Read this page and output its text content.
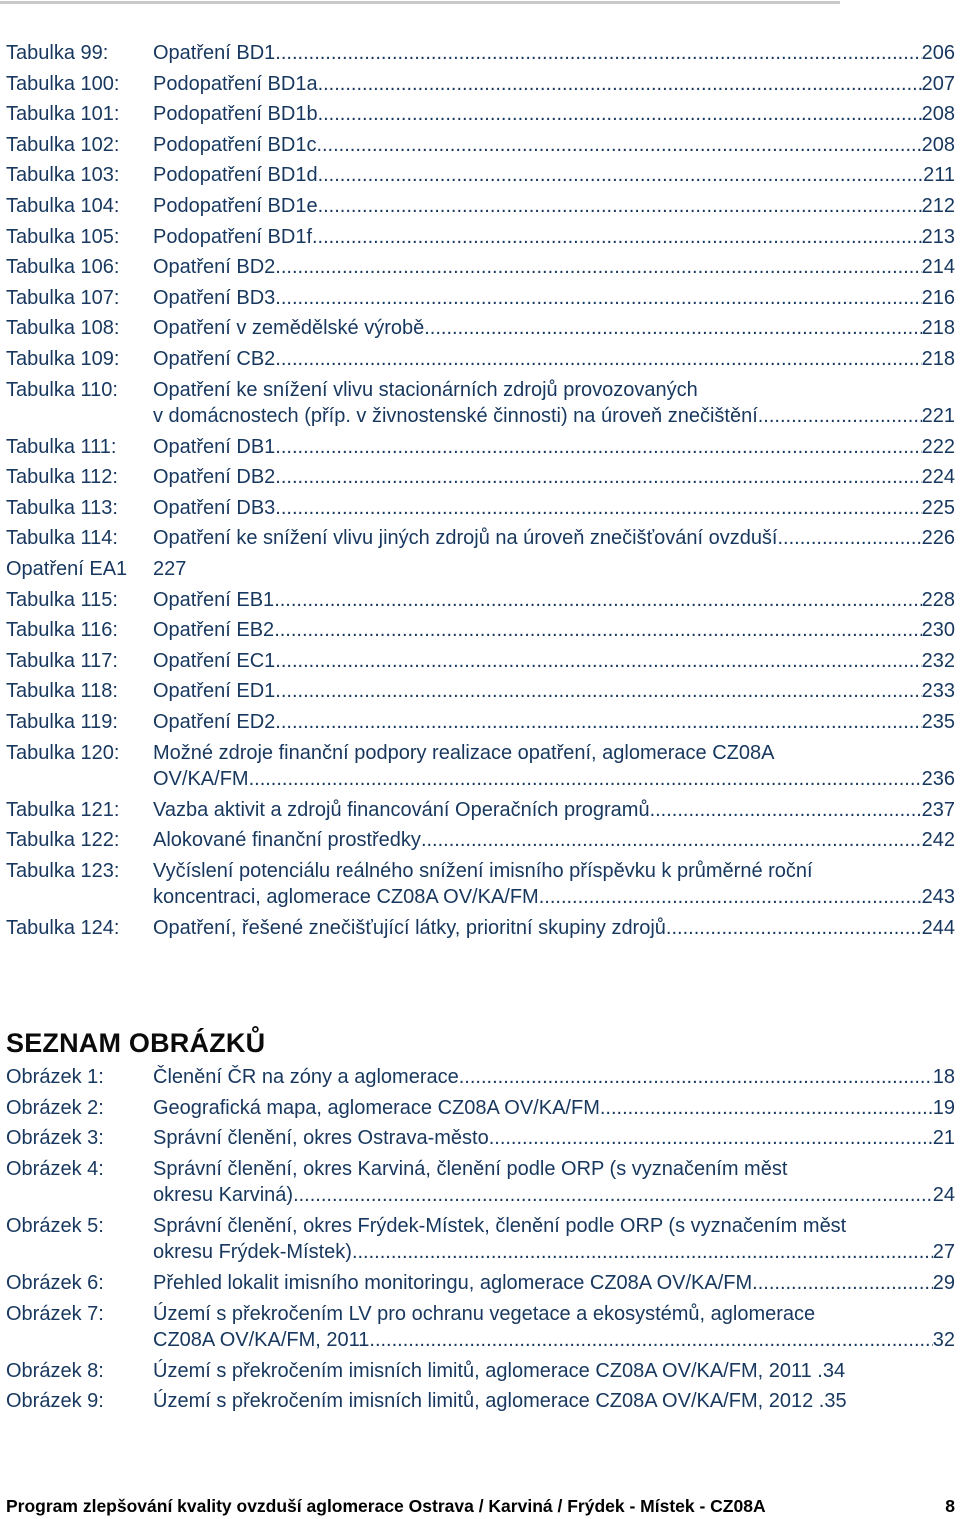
Tabulka 99:	Opatření BD1 .....	206
Tabulka 100:	Podopatření BD1a .....	207
Tabulka 101:	Podopatření BD1b .....	208
Tabulka 102:	Podopatření BD1c .....	208
Tabulka 103:	Podopatření BD1d .....	211
Tabulka 104:	Podopatření BD1e .....	212
Tabulka 105:	Podopatření BD1f .....	213
Tabulka 106:	Opatření BD2 .....	214
Tabulka 107:	Opatření BD3 .....	216
Tabulka 108:	Opatření v zemědělské výrobě .....	218
Tabulka 109:	Opatření CB2 .....	218
Tabulka 110:	Opatření ke snížení vlivu stacionárních zdrojů provozovaných
v domácnostech (příp. v živnostenské činnosti) na úroveň znečištění .....	221
Tabulka 111:	Opatření DB1 .....	222
Tabulka 112:	Opatření DB2 .....	224
Tabulka 113:	Opatření DB3 .....	225
Tabulka 114:	Opatření ke snížení vlivu jiných zdrojů na úroveň znečišťování ovzduší .....	226
Opatření EA1	227
Tabulka 115:	Opatření EB1 .....	228
Tabulka 116:	Opatření EB2 .....	230
Tabulka 117:	Opatření EC1 .....	232
Tabulka 118:	Opatření ED1 .....	233
Tabulka 119:	Opatření ED2 .....	235
Tabulka 120:	Možné zdroje finanční podpory realizace opatření, aglomerace CZ08A
OV/KA/FM .....	236
Tabulka 121:	Vazba aktivit a zdrojů financování Operačních programů .....	237
Tabulka 122:	Alokované finanční prostředky .....	242
Tabulka 123:	Vyčíslení potenciálu reálného snížení imisního příspěvku k průměrné roční
koncentraci, aglomerace CZ08A OV/KA/FM .....	243
Tabulka 124:	Opatření, řešené znečišťující látky, prioritní skupiny zdrojů .....	244
SEZNAM OBRÁZKŮ
Obrázek 1:	Členění ČR na zóny a aglomerace .....	18
Obrázek 2:	Geografická mapa, aglomerace CZ08A OV/KA/FM .....	19
Obrázek 3:	Správní členění, okres Ostrava-město .....	21
Obrázek 4:	Správní členění, okres Karviná, členění podle ORP (s vyznačením měst
okresu Karviná) .....	24
Obrázek 5:	Správní členění, okres Frýdek-Místek, členění podle ORP (s vyznačením měst
okresu Frýdek-Místek) .....	27
Obrázek 6:	Přehled lokalit imisního monitoringu, aglomerace CZ08A OV/KA/FM .....	29
Obrázek 7:	Území s překročením LV pro ochranu vegetace a ekosystémů, aglomerace
CZ08A OV/KA/FM, 2011 .....	32
Obrázek 8:	Území s překročením imisních limitů, aglomerace CZ08A OV/KA/FM, 2011 .34
Obrázek 9:	Území s překročením imisních limitů, aglomerace CZ08A OV/KA/FM, 2012 .35
Program zlepšování kvality ovzduší aglomerace Ostrava / Karviná / Frýdek - Místek - CZ08A	8
